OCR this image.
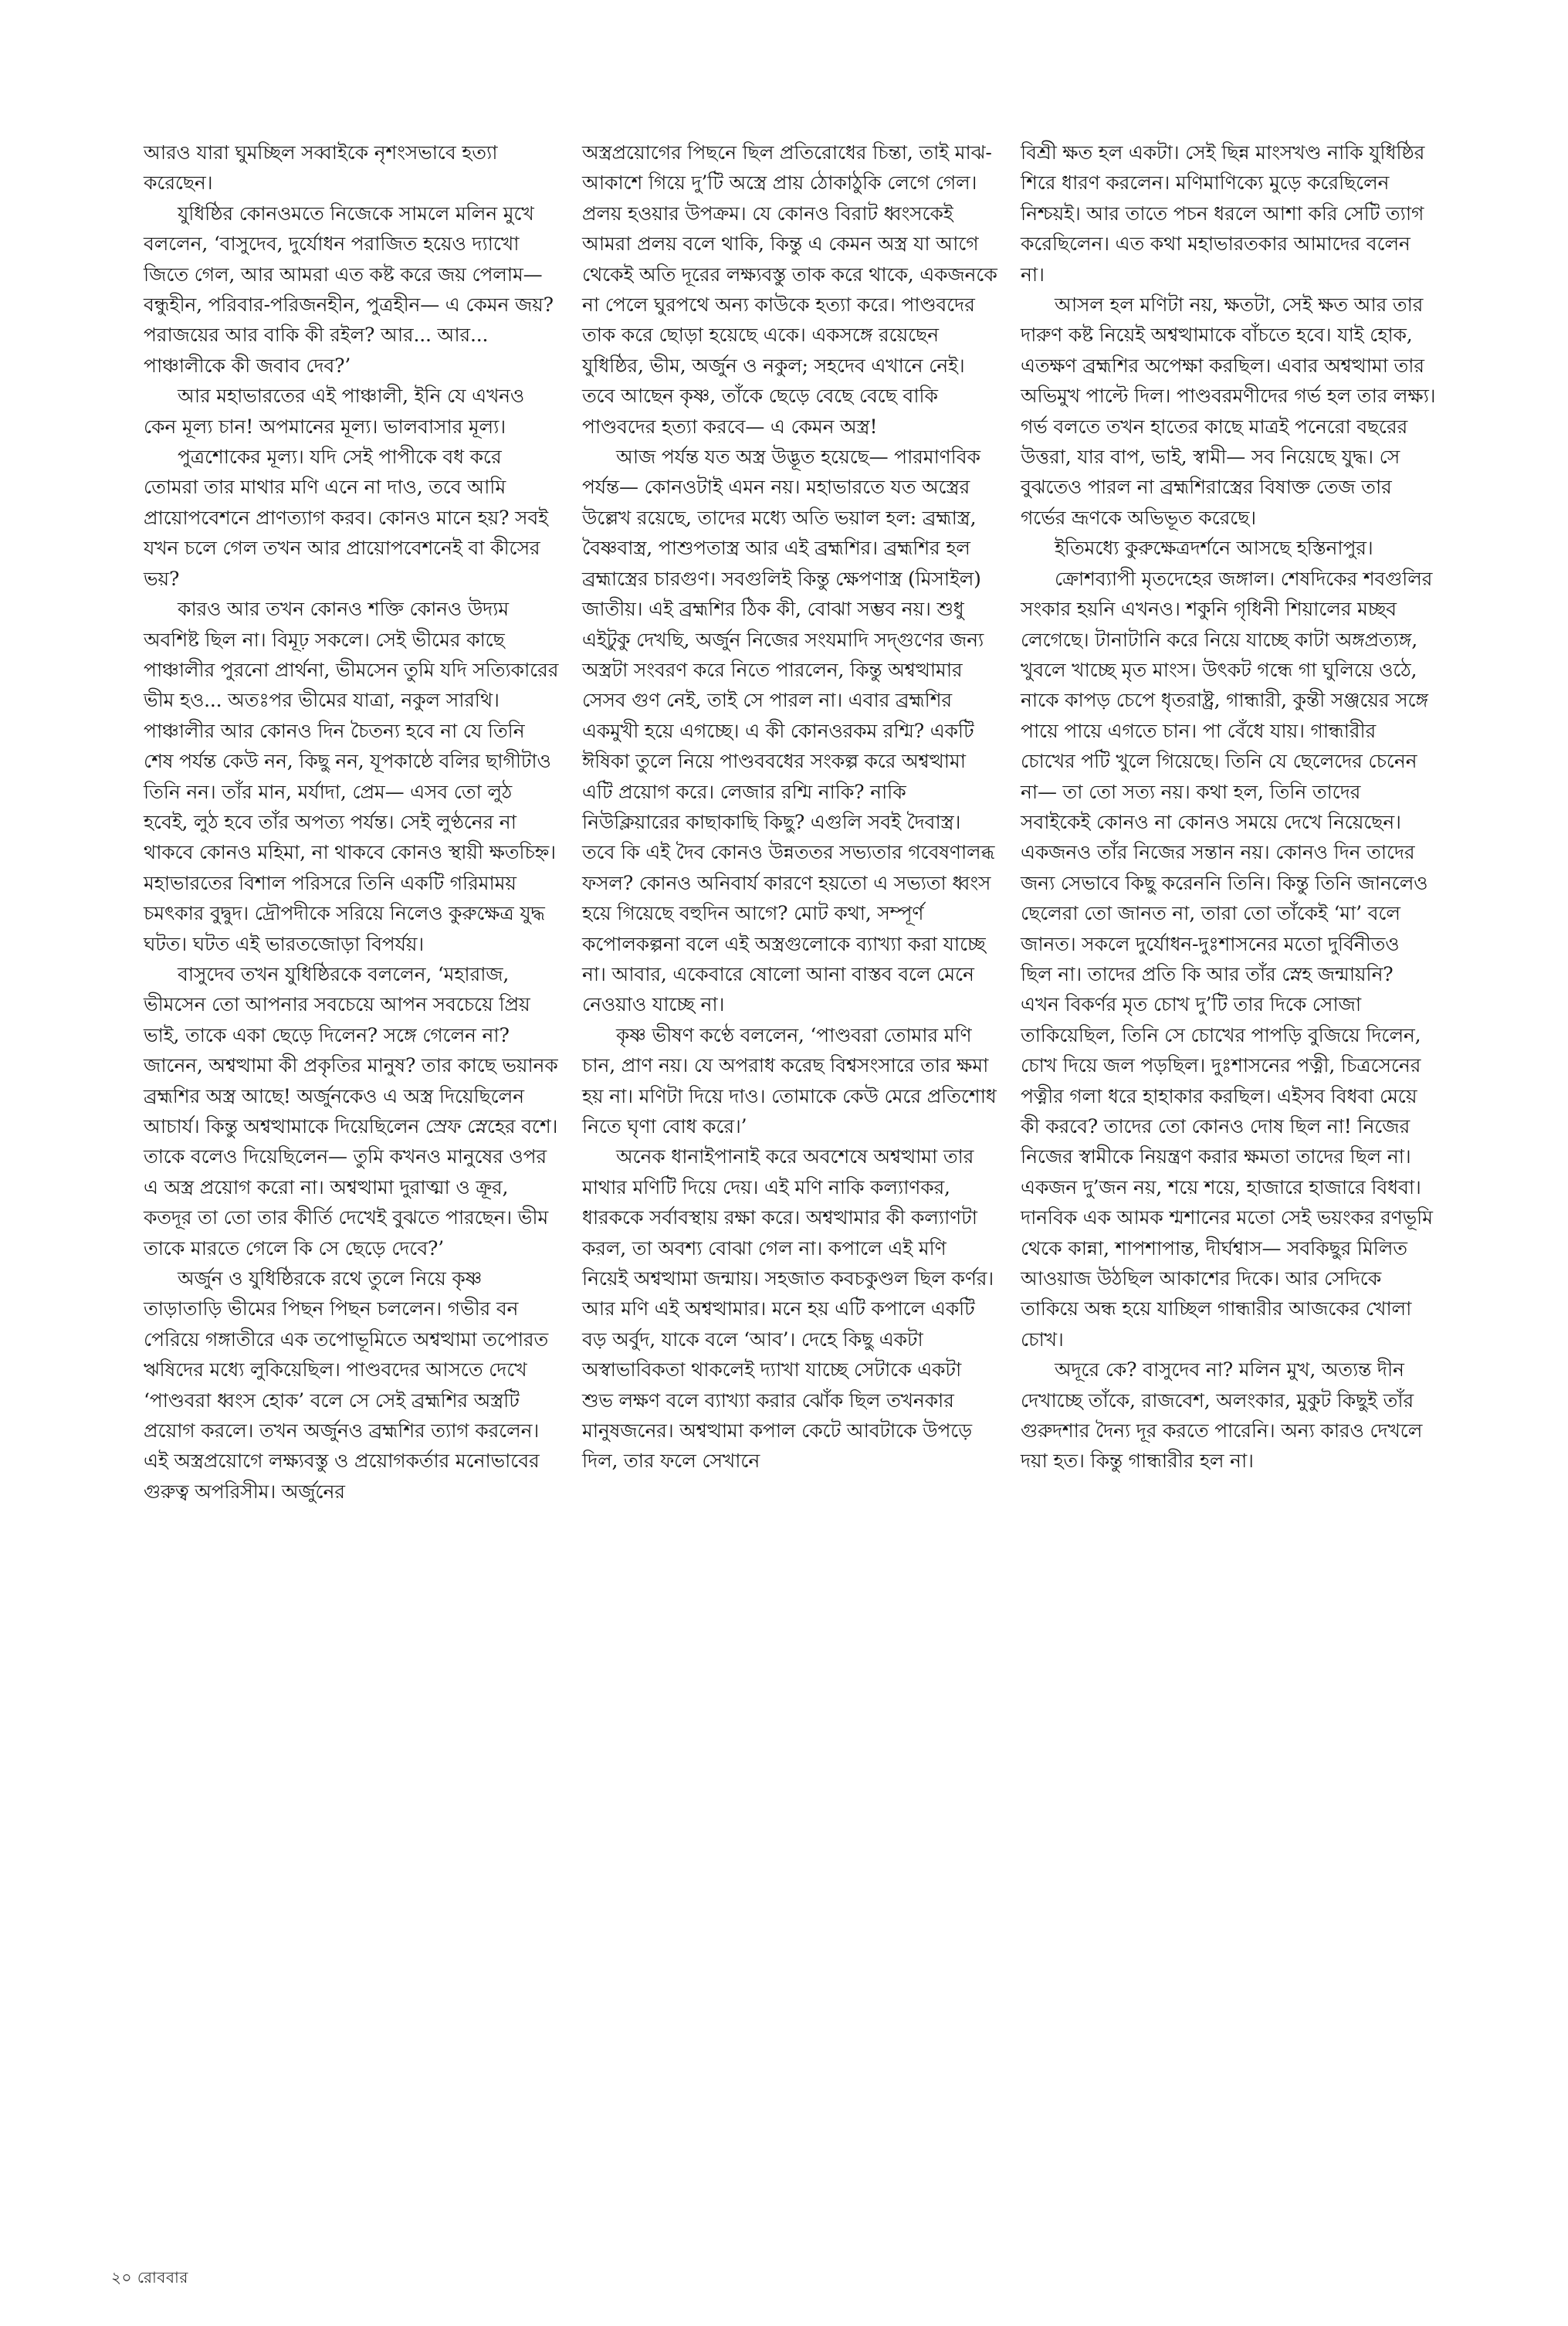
আরও যারা ঘুমচ্ছিল সব্বাইকে নৃশংসভাবে হত্যা করেছেন।

যুধিষ্ঠির কোনওমতে নিজেকে সামলে মলিন মুখে বললেন, ‘বাসুদেব, দুর্যোধন পরাজিত হয়েও দ্যাখো জিতে গেল, আর আমরা এত কষ্ট করে জয় পেলাম— বন্ধুহীন, পরিবার-পরিজনহীন, পুত্রহীন— এ কেমন জয়? পরাজয়ের আর বাকি কী রইল? আর... আর... পাঞ্চালীকে কী জবাব দেব?’

আর মহাভারতের এই পাঞ্চালী, ইনি যে এখনও কেন মূল্য চান! অপমানের মূল্য। ভালবাসার মূল্য।

পুত্রশোকের মূল্য। যদি সেই পাপীকে বধ করে তোমরা তার মাথার মণি এনে না দাও, তবে আমি প্রায়োপবেশনে প্রাণত্যাগ করব। কোনও মানে হয়? সবই যখন চলে গেল তখন আর প্রায়োপবেশনেই বা কীসের ভয়?

কারও আর তখন কোনও শক্তি কোনও উদ্যম অবশিষ্ট ছিল না। বিমূঢ় সকলে। সেই ভীমের কাছে পাঞ্চালীর পুরনো প্রার্থনা, ভীমসেন তুমি যদি সত্যিকারের ভীম হও... অতঃপর ভীমের যাত্রা, নকুল সারথি। পাঞ্চালীর আর কোনও দিন চৈতন্য হবে না যে তিনি শেষ পর্যন্ত কেউ নন, কিছু নন, যূপকাষ্ঠে বলির ছাগীটাও তিনি নন। তাঁর মান, মর্যাদা, প্রেম— এসব তো লুঠ হবেই, লুঠ হবে তাঁর অপত্য পর্যন্ত। সেই লুণ্ঠনের না থাকবে কোনও মহিমা, না থাকবে কোনও স্থায়ী ক্ষতচিহ্ন। মহাভারতের বিশাল পরিসরে তিনি একটি গরিমাময় চমৎকার বুদ্বুদ। দ্রৌপদীকে সরিয়ে নিলেও কুরুক্ষেত্র যুদ্ধ ঘটত। ঘটত এই ভারতজোড়া বিপর্যয়।

বাসুদেব তখন যুধিষ্ঠিরকে বললেন, ‘মহারাজ, ভীমসেন তো আপনার সবচেয়ে আপন সবচেয়ে প্রিয় ভাই, তাকে একা ছেড়ে দিলেন? সঙ্গে গেলেন না? জানেন, অশ্বত্থামা কী প্রকৃতির মানুষ? তার কাছে ভয়ানক ব্রহ্মশির অস্ত্র আছে! অর্জুনকেও এ অস্ত্র দিয়েছিলেন আচার্য। কিন্তু অশ্বত্থামাকে দিয়েছিলেন স্রেফ স্নেহের বশে। তাকে বলেও দিয়েছিলেন— তুমি কখনও মানুষের ওপর এ অস্ত্র প্রয়োগ করো না। অশ্বত্থামা দুরাত্মা ও ক্রূর, কতদূর তা তো তার কীর্তি দেখেই বুঝতে পারছেন। ভীম তাকে মারতে গেলে কি সে ছেড়ে দেবে?’

অর্জুন ও যুধিষ্ঠিরকে রথে তুলে নিয়ে কৃষ্ণ তাড়াতাড়ি ভীমের পিছন পিছন চললেন। গভীর বন পেরিয়ে গঙ্গাতীরে এক তপোভূমিতে অশ্বত্থামা তপোরত ঋষিদের মধ্যে লুকিয়েছিল। পাণ্ডবদের আসতে দেখে ‘পাণ্ডবরা ধ্বংস হোক’ বলে সে সেই ব্রহ্মশির অস্ত্রটি প্রয়োগ করলে। তখন অর্জুনও ব্রহ্মশির ত্যাগ করলেন। এই অস্ত্রপ্রয়োগে লক্ষ্যবস্তু ও প্রয়োগকর্তার মনোভাবের গুরুত্ব অপরিসীম। অর্জুনের

অস্ত্রপ্রয়োগের পিছনে ছিল প্রতিরোধের চিন্তা, তাই মাঝ-আকাশে গিয়ে দু’টি অস্ত্রে প্রায় ঠোকাঠুকি লেগে গেল। প্রলয় হওয়ার উপক্রম। যে কোনও বিরাট ধ্বংসকেই আমরা প্রলয় বলে থাকি, কিন্তু এ কেমন অস্ত্র যা আগে থেকেই অতি দূরের লক্ষ্যবস্তু তাক করে থাকে, একজনকে না পেলে ঘুরপথে অন্য কাউকে হত্যা করে। পাণ্ডবদের তাক করে ছোড়া হয়েছে একে। একসঙ্গে রয়েছেন যুধিষ্ঠির, ভীম, অর্জুন ও নকুল; সহদেব এখানে নেই। তবে আছেন কৃষ্ণ, তাঁকে ছেড়ে বেছে বেছে বাকি পাণ্ডবদের হত্যা করবে— এ কেমন অস্ত্র!

আজ পর্যন্ত যত অস্ত্র উদ্ভূত হয়েছে— পারমাণবিক পর্যন্ত— কোনওটাই এমন নয়। মহাভারতে যত অস্ত্রের উল্লেখ রয়েছে, তাদের মধ্যে অতি ভয়াল হল: ব্রহ্মাস্ত্র, বৈষ্ণবাস্ত্র, পাশুপতাস্ত্র আর এই ব্রহ্মশির। ব্রহ্মশির হল ব্রহ্মাস্ত্রের চারগুণ। সবগুলিই কিন্তু ক্ষেপণাস্ত্র (মিসাইল) জাতীয়। এই ব্রহ্মশির ঠিক কী, বোঝা সম্ভব নয়। শুধু এইটুকু দেখছি, অর্জুন নিজের সংযমাদি সদ্গুণের জন্য অস্ত্রটা সংবরণ করে নিতে পারলেন, কিন্তু অশ্বত্থামার সেসব গুণ নেই, তাই সে পারল না। এবার ব্রহ্মশির একমুখী হয়ে এগচ্ছে। এ কী কোনওরকম রশ্মি? একটি ঈষিকা তুলে নিয়ে পাণ্ডববধের সংকল্প করে অশ্বত্থামা এটি প্রয়োগ করে। লেজার রশ্মি নাকি? নাকি নিউক্লিয়ারের কাছাকাছি কিছু? এগুলি সবই দৈবাস্ত্র। তবে কি এই দৈব কোনও উন্নততর সভ্যতার গবেষণালব্ধ ফসল? কোনও অনিবার্য কারণে হয়তো এ সভ্যতা ধ্বংস হয়ে গিয়েছে বহুদিন আগে? মোট কথা, সম্পূর্ণ কপোলকল্পনা বলে এই অস্ত্রগুলোকে ব্যাখ্যা করা যাচ্ছে না। আবার, একেবারে ষোলো আনা বাস্তব বলে মেনে নেওয়াও যাচ্ছে না।

কৃষ্ণ ভীষণ কণ্ঠে বললেন, ‘পাণ্ডবরা তোমার মণি চান, প্রাণ নয়। যে অপরাধ করেছ বিশ্বসংসারে তার ক্ষমা হয় না। মণিটা দিয়ে দাও। তোমাকে কেউ মেরে প্রতিশোধ নিতে ঘৃণা বোধ করে।’

অনেক ধানাইপানাই করে অবশেষে অশ্বত্থামা তার মাথার মণিটি দিয়ে দেয়। এই মণি নাকি কল্যাণকর, ধারককে সর্বাবস্থায় রক্ষা করে। অশ্বত্থামার কী কল্যাণটা করল, তা অবশ্য বোঝা গেল না। কপালে এই মণি নিয়েই অশ্বত্থামা জন্মায়। সহজাত কবচকুণ্ডল ছিল কর্ণর। আর মণি এই অশ্বত্থামার। মনে হয় এটি কপালে একটি বড় অর্বুদ, যাকে বলে ‘আব’। দেহে কিছু একটা অস্বাভাবিকতা থাকলেই দ্যাখা যাচ্ছে সেটাকে একটা শুভ লক্ষণ বলে ব্যাখ্যা করার ঝোঁক ছিল তখনকার মানুষজনের। অশ্বত্থামা কপাল কেটে আবটাকে উপড়ে দিল, তার ফলে সেখানে

বিশ্রী ক্ষত হল একটা। সেই ছিন্ন মাংসখণ্ড নাকি যুধিষ্ঠির শিরে ধারণ করলেন। মণিমাণিক্যে মুড়ে করেছিলেন নিশ্চয়ই। আর তাতে পচন ধরলে আশা করি সেটি ত্যাগ করেছিলেন। এত কথা মহাভারতকার আমাদের বলেন না।

আসল হল মণিটা নয়, ক্ষতটা, সেই ক্ষত আর তার দারুণ কষ্ট নিয়েই অশ্বত্থামাকে বাঁচতে হবে। যাই হোক, এতক্ষণ ব্রহ্মশির অপেক্ষা করছিল। এবার অশ্বত্থামা তার অভিমুখ পাল্টে দিল। পাণ্ডবরমণীদের গর্ভ হল তার লক্ষ্য। গর্ভ বলতে তখন হাতের কাছে মাত্রই পনেরো বছরের উত্তরা, যার বাপ, ভাই, স্বামী— সব নিয়েছে যুদ্ধ। সে বুঝতেও পারল না ব্রহ্মশিরাস্ত্রের বিষাক্ত তেজ তার গর্ভের ভ্রূণকে অভিভূত করেছে।

ইতিমধ্যে কুরুক্ষেত্রদর্শনে আসছে হস্তিনাপুর।

ক্রোশব্যাপী মৃতদেহের জঙ্গাল। শেষদিকের শবগুলির সংকার হয়নি এখনও। শকুনি গৃধিনী শিয়ালের মচ্ছব লেগেছে। টানাটানি করে নিয়ে যাচ্ছে কাটা অঙ্গপ্রত্যঙ্গ, খুবলে খাচ্ছে মৃত মাংস। উৎকট গন্ধে গা ঘুলিয়ে ওঠে, নাকে কাপড় চেপে ধৃতরাষ্ট্র, গান্ধারী, কুন্তী সঞ্জয়ের সঙ্গে পায়ে পায়ে এগতে চান। পা বেঁধে যায়। গান্ধারীর চোখের পটি খুলে গিয়েছে। তিনি যে ছেলেদের চেনেন না— তা তো সত্য নয়। কথা হল, তিনি তাদের সবাইকেই কোনও না কোনও সময়ে দেখে নিয়েছেন। একজনও তাঁর নিজের সন্তান নয়। কোনও দিন তাদের জন্য সেভাবে কিছু করেননি তিনি। কিন্তু তিনি জানলেও ছেলেরা তো জানত না, তারা তো তাঁকেই ‘মা’ বলে জানত। সকলে দুর্যোধন-দুঃশাসনের মতো দুর্বিনীতও ছিল না। তাদের প্রতি কি আর তাঁর স্নেহ জন্মায়নি? এখন বিকর্ণর মৃত চোখ দু’টি তার দিকে সোজা তাকিয়েছিল, তিনি সে চোখের পাপড়ি বুজিয়ে দিলেন, চোখ দিয়ে জল পড়ছিল। দুঃশাসনের পত্নী, চিত্রসেনের পত্নীর গলা ধরে হাহাকার করছিল। এইসব বিধবা মেয়ে কী করবে? তাদের তো কোনও দোষ ছিল না! নিজের নিজের স্বামীকে নিয়ন্ত্রণ করার ক্ষমতা তাদের ছিল না। একজন দু’জন নয়, শয়ে শয়ে, হাজারে হাজারে বিধবা। দানবিক এক আমক শ্মশানের মতো সেই ভয়ংকর রণভূমি থেকে কান্না, শাপশাপান্ত, দীর্ঘশ্বাস— সবকিছুর মিলিত আওয়াজ উঠছিল আকাশের দিকে। আর সেদিকে তাকিয়ে অন্ধ হয়ে যাচ্ছিল গান্ধারীর আজকের খোলা চোখ।

অদূরে কে? বাসুদেব না? মলিন মুখ, অত্যন্ত দীন দেখাচ্ছে তাঁকে, রাজবেশ, অলংকার, মুকুট কিছুই তাঁর গুরুদশার দৈন্য দূর করতে পারেনি। অন্য কারও দেখলে দয়া হত। কিন্তু গান্ধারীর হল না।

২০ রোববার
